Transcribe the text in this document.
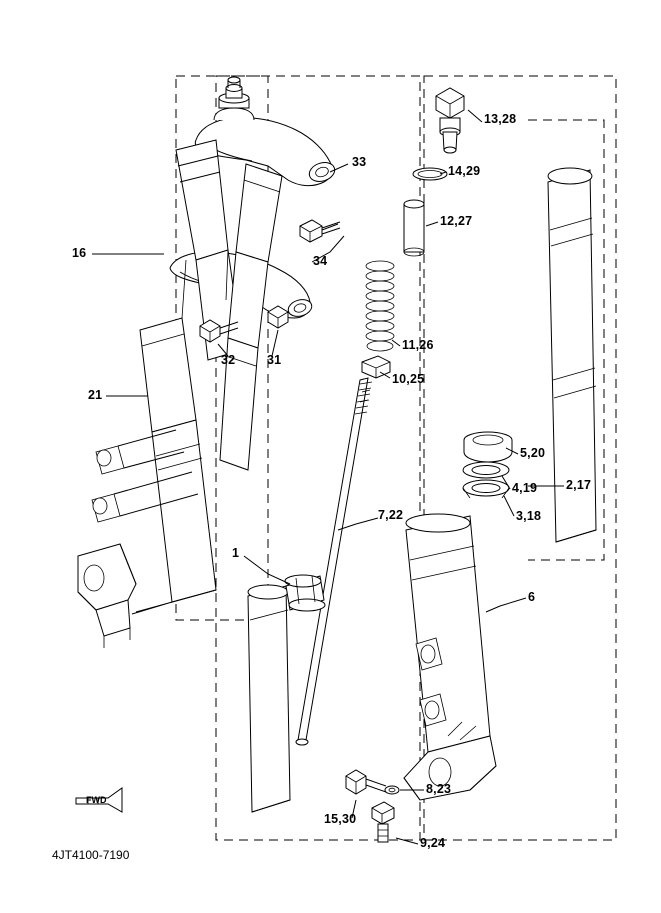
16
21
33
34
32	31
1
7,22
13,28
14,29
12,27
11,26
10,25
5,20
4,19
3,18
2,17
6
15,30
8,23
9,24
FWD
4JT4100-7190
